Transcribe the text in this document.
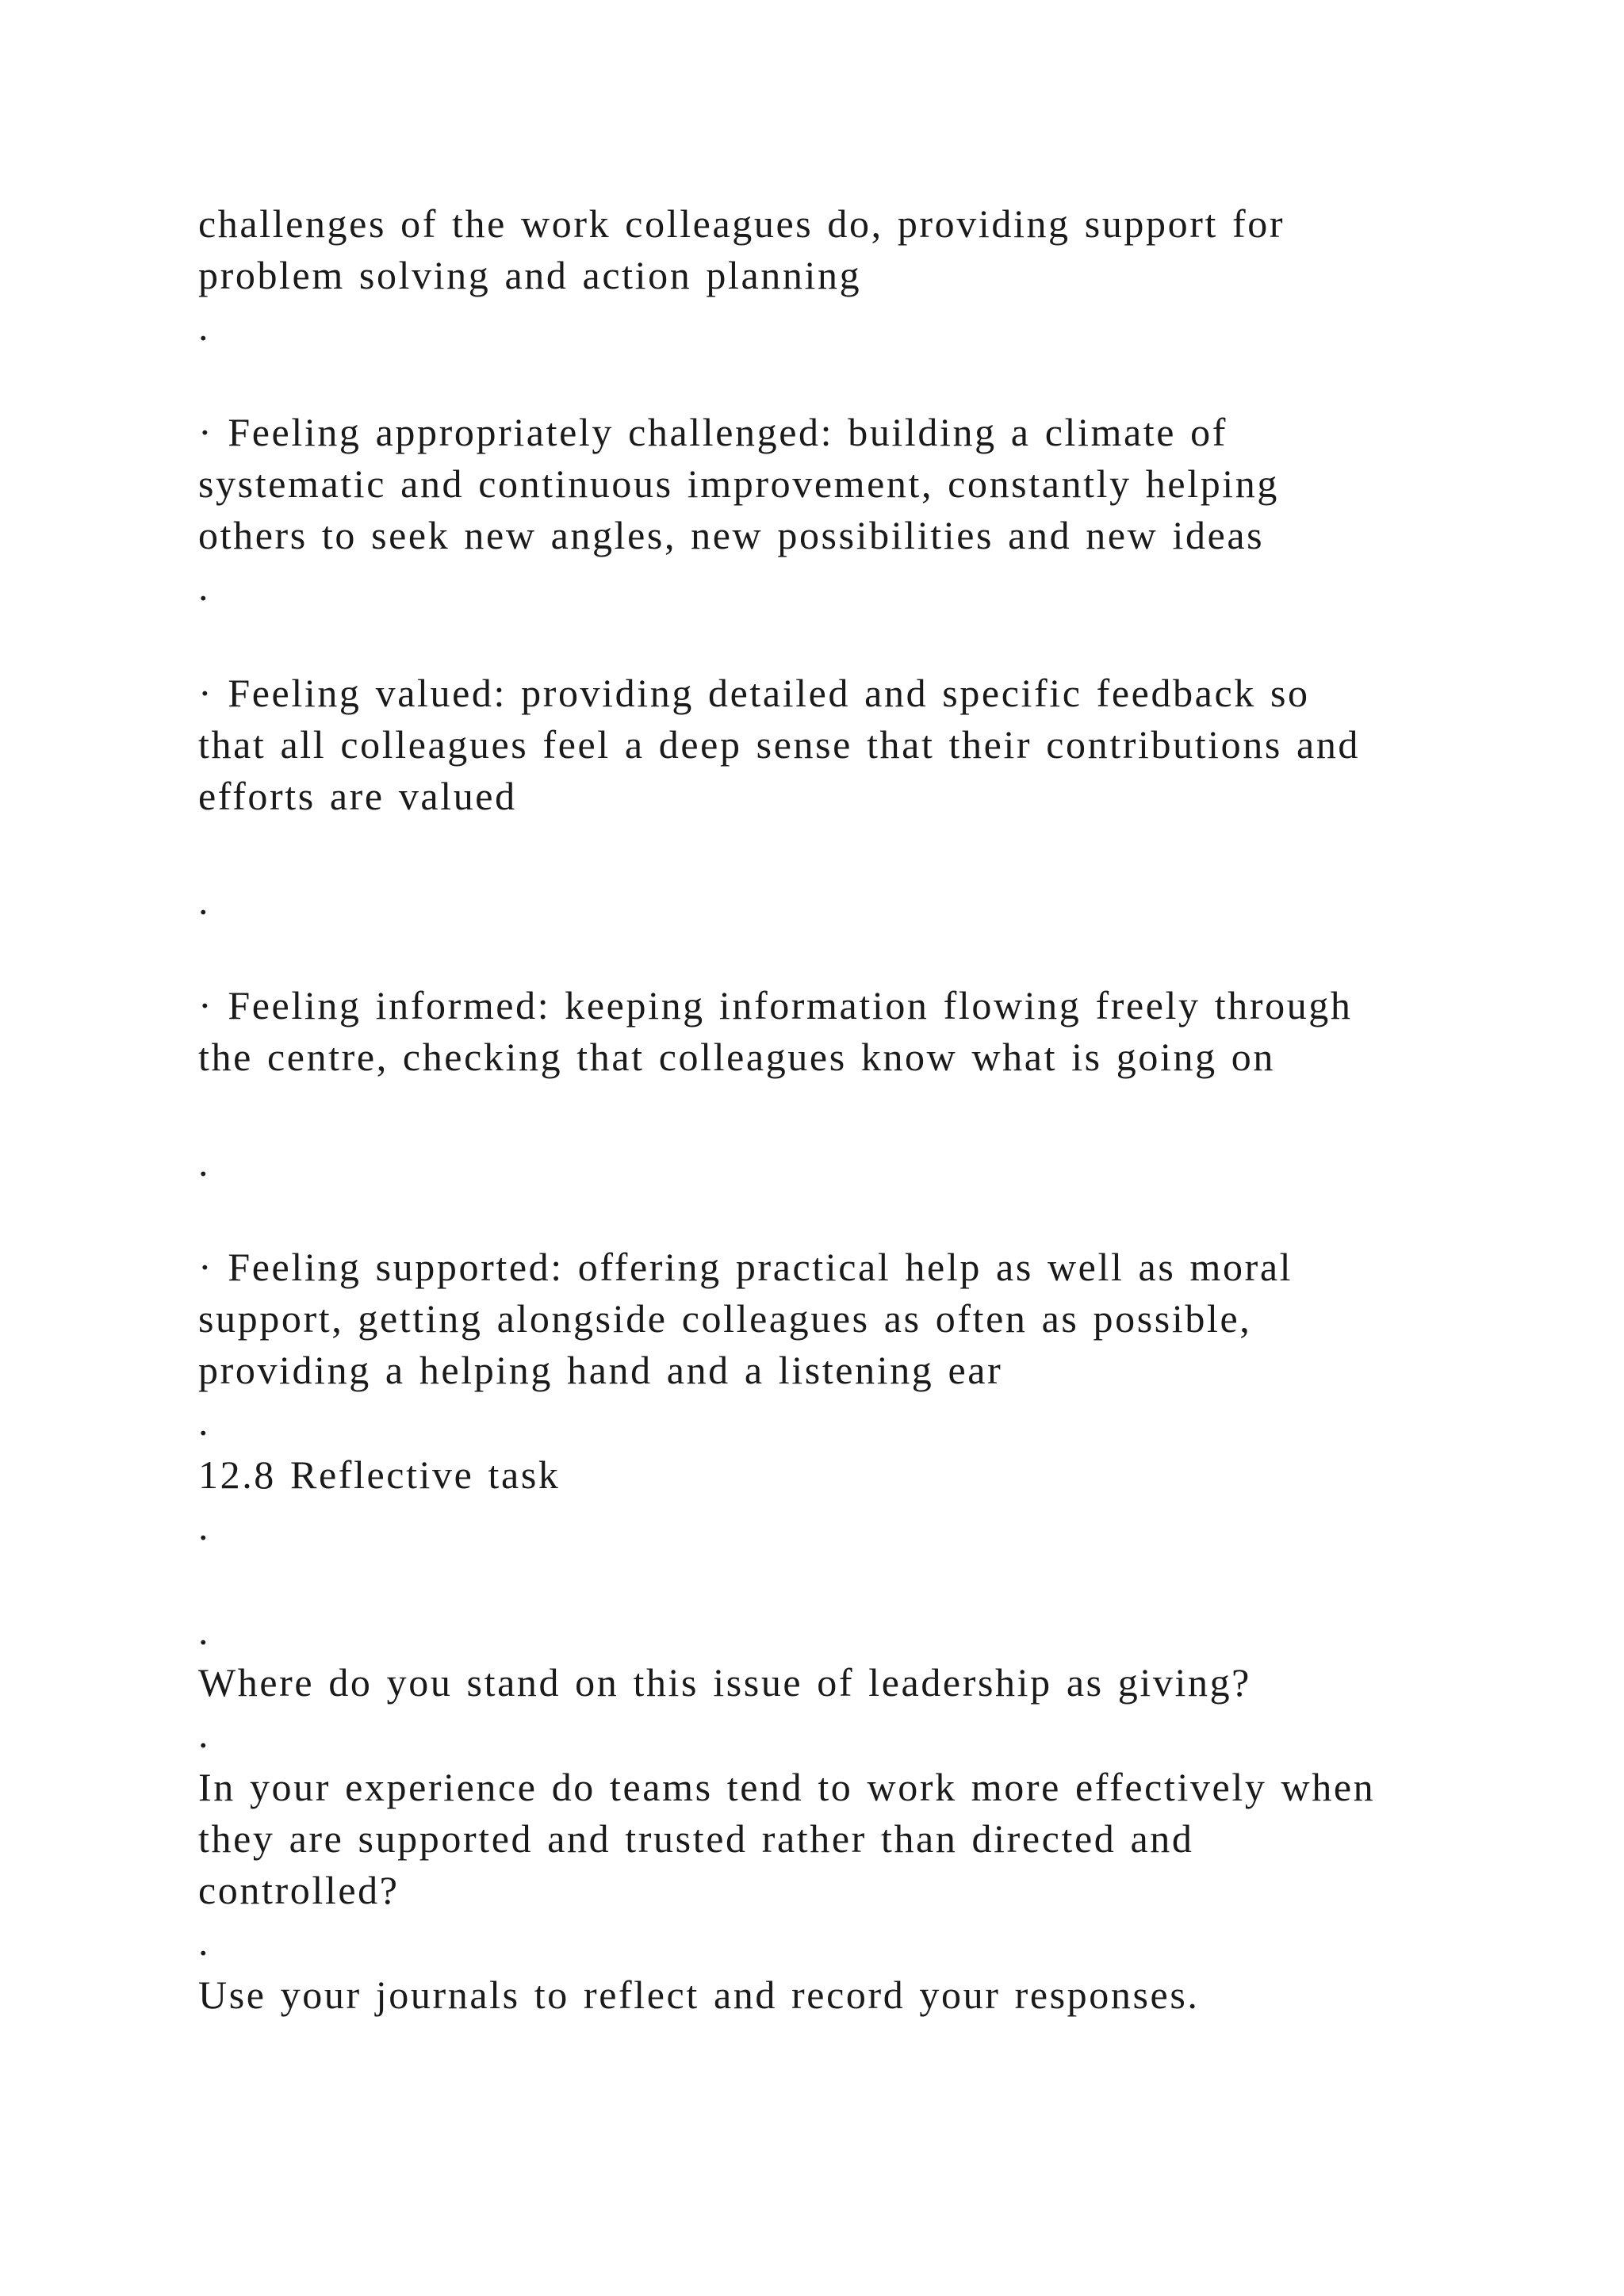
challenges of the work colleagues do, providing support for
problem solving and action planning
.
· Feeling appropriately challenged: building a climate of
systematic and continuous improvement, constantly helping
others to seek new angles, new possibilities and new ideas
.
· Feeling valued: providing detailed and specific feedback so
that all colleagues feel a deep sense that their contributions and
efforts are valued
.
· Feeling informed: keeping information flowing freely through
the centre, checking that colleagues know what is going on
.
· Feeling supported: offering practical help as well as moral
support, getting alongside colleagues as often as possible,
providing a helping hand and a listening ear
.
12.8 Reflective task
.
.
Where do you stand on this issue of leadership as giving?
.
In your experience do teams tend to work more effectively when
they are supported and trusted rather than directed and
controlled?
.
Use your journals to reflect and record your responses.
